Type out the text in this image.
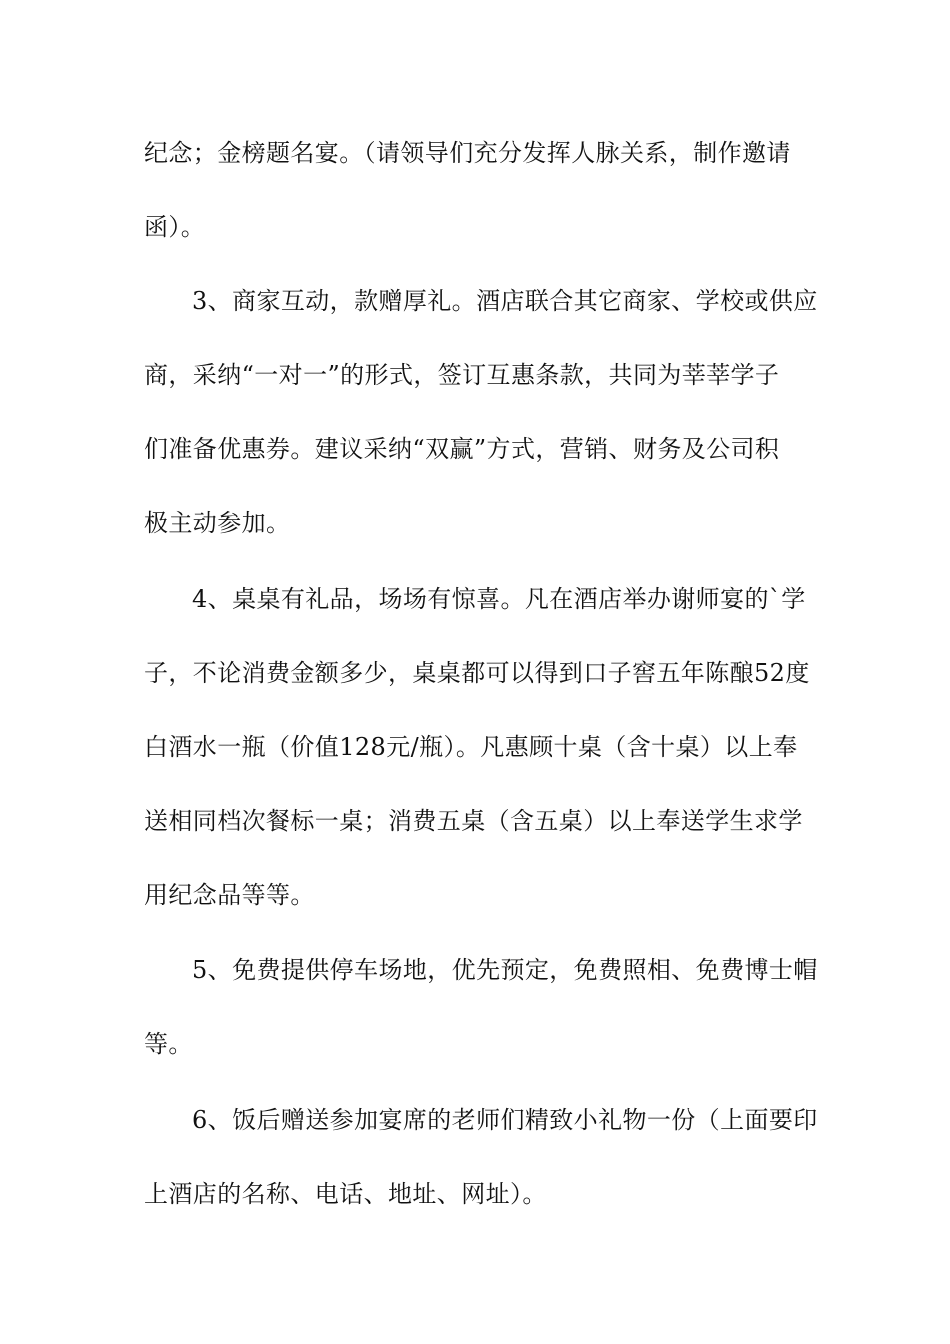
纪念；金榜题名宴。（请领导们充分发挥人脉关系，制作邀请
函）。
3、商家互动，款赠厚礼。酒店联合其它商家、学校或供应
商，采纳“一对一”的形式，签订互惠条款，共同为莘莘学子
们准备优惠券。建议采纳“双赢”方式，营销、财务及公司积
极主动参加。
4、桌桌有礼品，场场有惊喜。凡在酒店举办谢师宴的`学
子，不论消费金额多少，桌桌都可以得到口子窖五年陈酿52度
白酒水一瓶（价值128元/瓶）。凡惠顾十桌（含十桌）以上奉
送相同档次餐标一桌；消费五桌（含五桌）以上奉送学生求学
用纪念品等等。
5、免费提供停车场地，优先预定，免费照相、免费博士帽
等。
6、饭后赠送参加宴席的老师们精致小礼物一份（上面要印
上酒店的名称、电话、地址、网址）。
